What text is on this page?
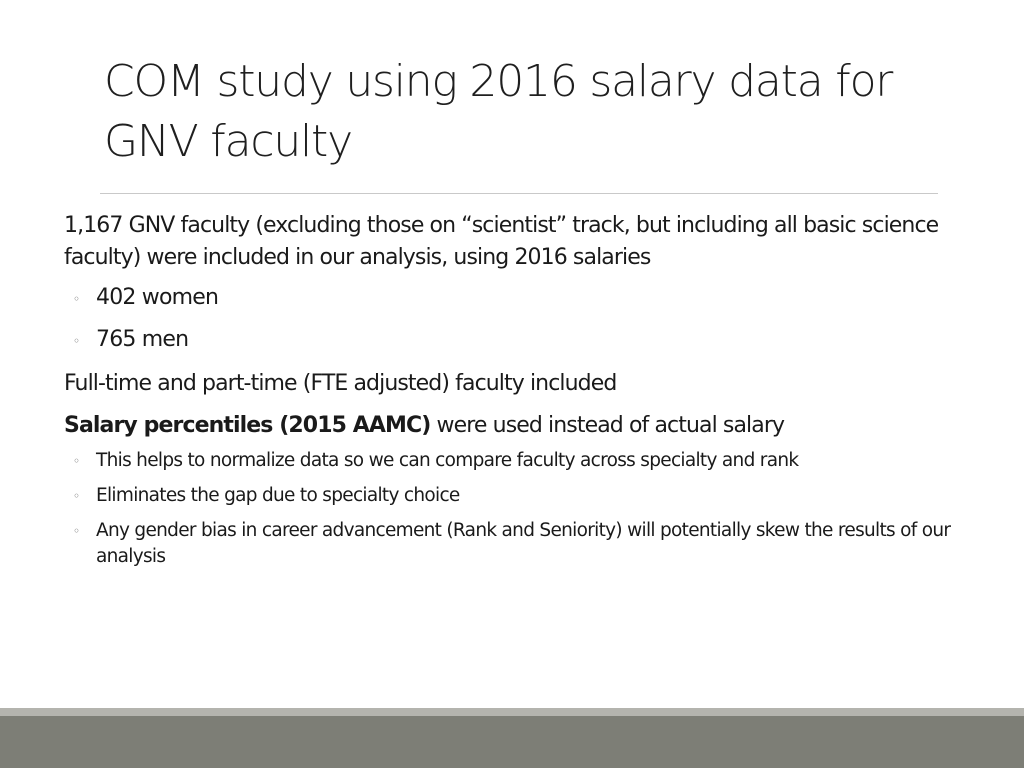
COM study using 2016 salary data for GNV faculty

1,167 GNV faculty (excluding those on “scientist” track, but including all basic science faculty) were included in our analysis, using 2016 salaries

◦ 402 women
◦ 765 men

Full-time and part-time (FTE adjusted) faculty included

Salary percentiles (2015 AAMC) were used instead of actual salary

◦ This helps to normalize data so we can compare faculty across specialty and rank
◦ Eliminates the gap due to specialty choice
◦ Any gender bias in career advancement (Rank and Seniority) will potentially skew the results of our analysis
